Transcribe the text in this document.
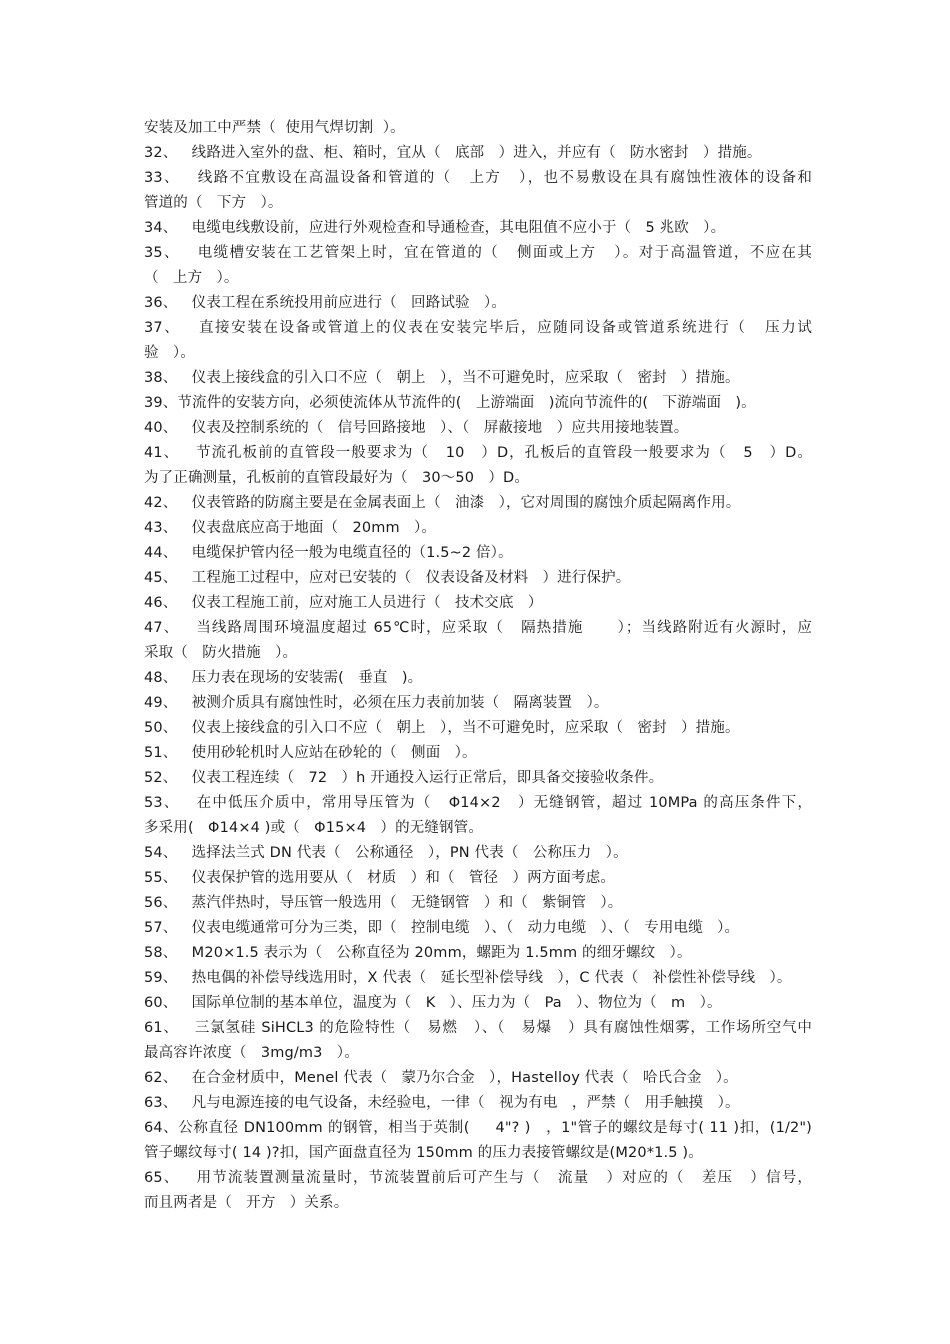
安装及加工中严禁（  使用气焊切割  ）。
32、   线路进入室外的盘、柜、箱时，宜从（   底部   ）进入，并应有（   防水密封   ）措施。
33、   线路不宜敷设在高温设备和管道的（   上方   ），也不易敷设在具有腐蚀性液体的设备和
管道的（   下方   ）。
34、   电缆电线敷设前，应进行外观检查和导通检查，其电阻值不应小于（   5 兆欧   ）。
35、   电缆槽安装在工艺管架上时，宜在管道的（   侧面或上方   ）。对于高温管道，不应在其
（   上方   ）。
36、   仪表工程在系统投用前应进行（   回路试验   ）。
37、   直接安装在设备或管道上的仪表在安装完毕后，应随同设备或管道系统进行（   压力试
验   ）。
38、   仪表上接线盒的引入口不应（   朝上   ），当不可避免时，应采取（   密封   ）措施。
39、节流件的安装方向，必须使流体从节流件的(   上游端面   )流向节流件的(   下游端面   )。
40、   仪表及控制系统的（   信号回路接地   ）、（   屏蔽接地   ）应共用接地装置。
41、   节流孔板前的直管段一般要求为（   10   ）D，孔板后的直管段一般要求为（   5   ）D。
为了正确测量，孔板前的直管段最好为（   30～50   ）D。
42、   仪表管路的防腐主要是在金属表面上（   油漆   ），它对周围的腐蚀介质起隔离作用。
43、   仪表盘底应高于地面（   20mm   ）。
44、   电缆保护管内径一般为电缆直径的（1.5~2 倍）。
45、   工程施工过程中，应对已安装的（   仪表设备及材料   ）进行保护。
46、   仪表工程施工前，应对施工人员进行（   技术交底   ）
47、   当线路周围环境温度超过 65℃时，应采取（   隔热措施      ）；当线路附近有火源时，应
采取（   防火措施   ）。
48、   压力表在现场的安装需(   垂直   )。
49、   被测介质具有腐蚀性时，必须在压力表前加装（   隔离装置   ）。
50、   仪表上接线盒的引入口不应（   朝上   ），当不可避免时，应采取（   密封   ）措施。
51、   使用砂轮机时人应站在砂轮的（   侧面   ）。
52、   仪表工程连续（   72   ）h 开通投入运行正常后，即具备交接验收条件。
53、   在中低压介质中，常用导压管为（   Φ14×2   ）无缝钢管，超过 10MPa 的高压条件下，
多采用(   Φ14×4 )或（   Φ15×4   ）的无缝钢管。
54、   选择法兰式 DN 代表（   公称通径   ），PN 代表（   公称压力   ）。
55、   仪表保护管的选用要从（   材质   ）和（   管径   ）两方面考虑。
56、   蒸汽伴热时，导压管一般选用（   无缝钢管   ）和（   紫铜管   ）。
57、   仪表电缆通常可分为三类，即（   控制电缆   ）、（   动力电缆   ）、（   专用电缆   ）。
58、   M20×1.5 表示为（   公称直径为 20mm，螺距为 1.5mm 的细牙螺纹   ）。
59、   热电偶的补偿导线选用时，X 代表（   延长型补偿导线   ），C 代表（   补偿性补偿导线   ）。
60、   国际单位制的基本单位，温度为（   K   ）、压力为（   Pa   ）、物位为（   m   ）。
61、   三氯氢硅 SiHCL3 的危险特性（   易燃   ）、（   易爆   ）具有腐蚀性烟雾，工作场所空气中
最高容许浓度（   3mg/m3   ）。
62、   在合金材质中，Menel 代表（   蒙乃尔合金   ），Hastelloy 代表（   哈氏合金   ）。
63、   凡与电源连接的电气设备，未经验电，一律（   视为有电   ，严禁（   用手触摸   ）。
64、公称直径 DN100mm 的钢管，相当于英制(     4"? )   ，1"管子的螺纹是每寸( 11 )扣，(1/2")
管子螺纹每寸( 14 )?扣，国产面盘直径为 150mm 的压力表接管螺纹是(M20*1.5 )。
65、   用节流装置测量流量时，节流装置前后可产生与（   流量   ）对应的（   差压   ）信号，
而且两者是（   开方   ）关系。
